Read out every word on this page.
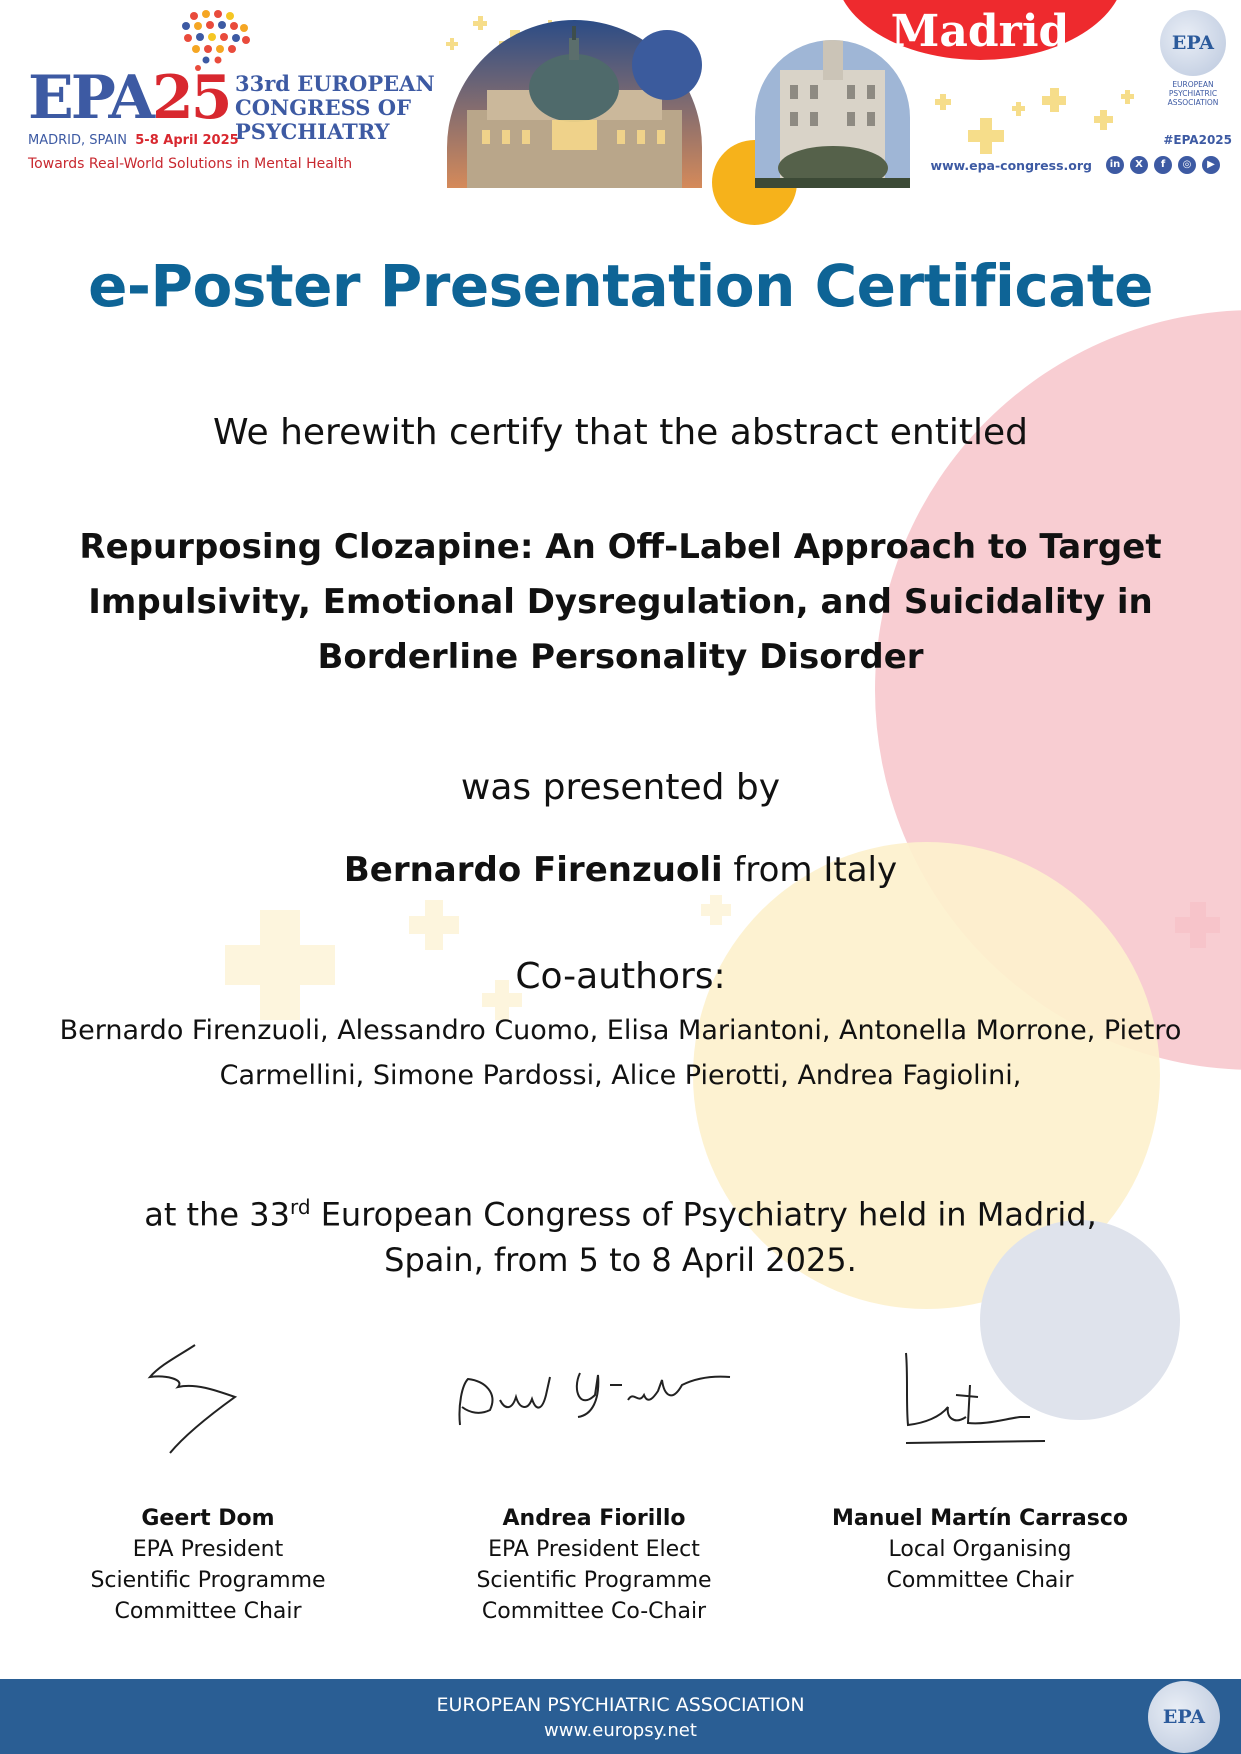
EPA25 33rd EUROPEAN
CONGRESS OF
PSYCHIATRY
MADRID, SPAIN 5-8 April 2025
Towards Real-World Solutions in Mental Health
Madrid	EPA
EUROPEAN
PSYCHIATRIC
ASSOCIATION
#EPA2025
www.epa-congress.org	in	X	f	◎	▶
e-Poster Presentation Certificate
We herewith certify that the abstract entitled
Repurposing Clozapine: An Off-Label Approach to Target Impulsivity, Emotional Dysregulation, and Suicidality in Borderline Personality Disorder
was presented by
Bernardo Firenzuoli from Italy
Co-authors:
Bernardo Firenzuoli, Alessandro Cuomo, Elisa Mariantoni, Antonella Morrone, Pietro Carmellini, Simone Pardossi, Alice Pierotti, Andrea Fagiolini,
at the 33rd European Congress of Psychiatry held in Madrid,
Spain, from 5 to 8 April 2025.
Geert Dom
EPA President
Scientific Programme
Committee Chair
Andrea Fiorillo
EPA President Elect
Scientific Programme
Committee Co-Chair
Manuel Martín Carrasco
Local Organising
Committee Chair
EUROPEAN PSYCHIATRIC ASSOCIATION
www.europsy.net
EPA
